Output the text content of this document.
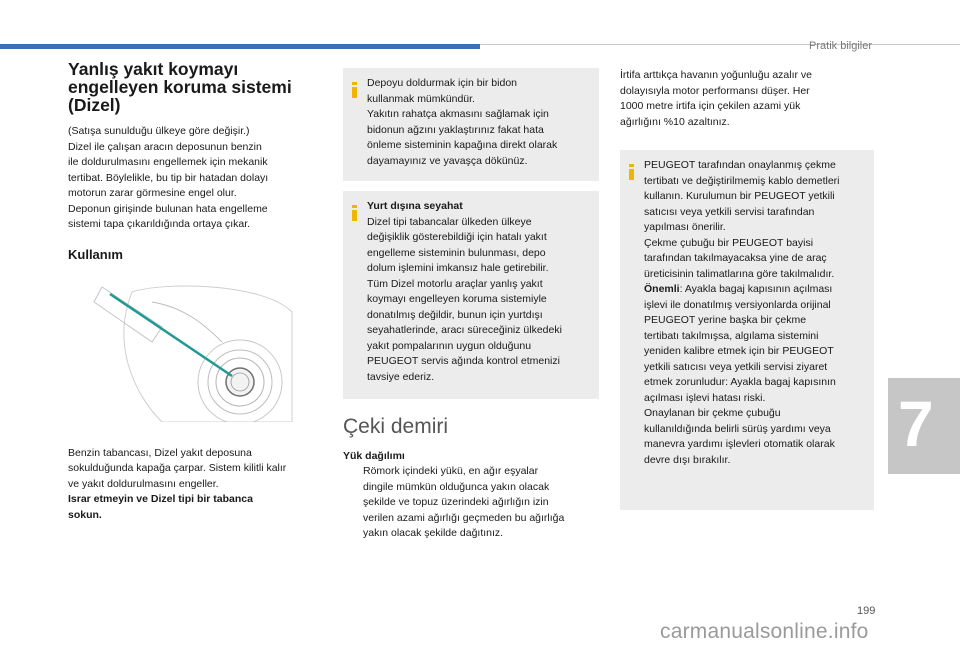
Pratik bilgiler
Yanlış yakıt koymayı
engelleyen koruma sistemi
(Dizel)
(Satışa sunulduğu ülkeye göre değişir.)
Dizel ile çalışan aracın deposunun benzin
ile doldurulmasını engellemek için mekanik
tertibat. Böylelikle, bu tip bir hatadan dolayı
motorun zarar görmesine engel olur.
Deponun girişinde bulunan hata engelleme
sistemi tapa çıkarıldığında ortaya çıkar.
Kullanım
Benzin tabancası, Dizel yakıt deposuna
sokulduğunda kapağa çarpar. Sistem kilitli kalır
ve yakıt doldurulmasını engeller.
Israr etmeyin ve Dizel tipi bir tabanca
sokun.
Depoyu doldurmak için bir bidon
kullanmak mümkündür.
Yakıtın rahatça akmasını sağlamak için
bidonun ağzını yaklaştırınız fakat hata
önleme sisteminin kapağına direkt olarak
dayamayınız ve yavaşça dökünüz.
Yurt dışına seyahat
Dizel tipi tabancalar ülkeden ülkeye
değişiklik gösterebildiği için hatalı yakıt
engelleme sisteminin bulunması, depo
dolum işlemini imkansız hale getirebilir.
Tüm Dizel motorlu araçlar yanlış yakıt
koymayı engelleyen koruma sistemiyle
donatılmış değildir, bunun için yurtdışı
seyahatlerinde, aracı süreceğiniz ülkedeki
yakıt pompalarının uygun olduğunu
PEUGEOT servis ağında kontrol etmenizi
tavsiye ederiz.
Çeki demiri
Yük dağılımı
Römork içindeki yükü, en ağır eşyalar
dingile mümkün olduğunca yakın olacak
şekilde ve topuz üzerindeki ağırlığın izin
verilen azami ağırlığı geçmeden bu ağırlığa
yakın olacak şekilde dağıtınız.
İrtifa arttıkça havanın yoğunluğu azalır ve
dolayısıyla motor performansı düşer. Her
1000 metre irtifa için çekilen azami yük
ağırlığını %10 azaltınız.
PEUGEOT tarafından onaylanmış çekme
tertibatı ve değiştirilmemiş kablo demetleri
kullanın. Kurulumun bir PEUGEOT yetkili
satıcısı veya yetkili servisi tarafından
yapılması önerilir.
Çekme çubuğu bir PEUGEOT bayisi
tarafından takılmayacaksa yine de araç
üreticisinin talimatlarına göre takılmalıdır.
Önemli: Ayakla bagaj kapısının açılması
işlevi ile donatılmış versiyonlarda orijinal
PEUGEOT yerine başka bir çekme
tertibatı takılmışsa, algılama sistemini
yeniden kalibre etmek için bir PEUGEOT
yetkili satıcısı veya yetkili servisi ziyaret
etmek zorunludur: Ayakla bagaj kapısının
açılması işlevi hatası riski.
Onaylanan bir çekme çubuğu
kullanıldığında belirli sürüş yardımı veya
manevra yardımı işlevleri otomatik olarak
devre dışı bırakılır.	7
199
carmanualsonline.info
